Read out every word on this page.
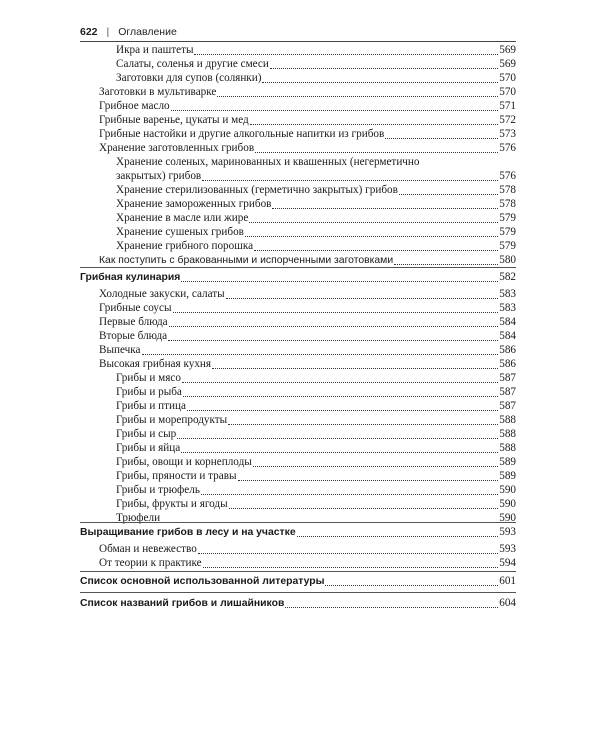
622 | Оглавление
Икра и паштеты	569
Салаты, соленья и другие смеси	569
Заготовки для супов (солянки)	570
Заготовки в мультиварке	570
Грибное масло	571
Грибные варенье, цукаты и мед	572
Грибные настойки и другие алкогольные напитки из грибов	573
Хранение заготовленных грибов	576
Хранение соленых, маринованных и квашенных (негерметично
закрытых) грибов	576
Хранение стерилизованных (герметично закрытых) грибов	578
Хранение замороженных грибов	578
Хранение в масле или жире	579
Хранение сушеных грибов	579
Хранение грибного порошка	579
Как поступить с бракованными и испорченными заготовками	580
Грибная кулинария	582
Холодные закуски, салаты	583
Грибные соусы	583
Первые блюда	584
Вторые блюда	584
Выпечка	586
Высокая грибная кухня	586
Грибы и мясо	587
Грибы и рыба	587
Грибы и птица	587
Грибы и морепродукты	588
Грибы и сыр	588
Грибы и яйца	588
Грибы, овощи и корнеплоды	589
Грибы, пряности и травы	589
Грибы и трюфель	590
Грибы, фрукты и ягоды	590
Трюфели	590
Выращивание грибов в лесу и на участке	593
Обман и невежество	593
От теории к практике	594
Список основной использованной литературы	601
Список названий грибов и лишайников	604
